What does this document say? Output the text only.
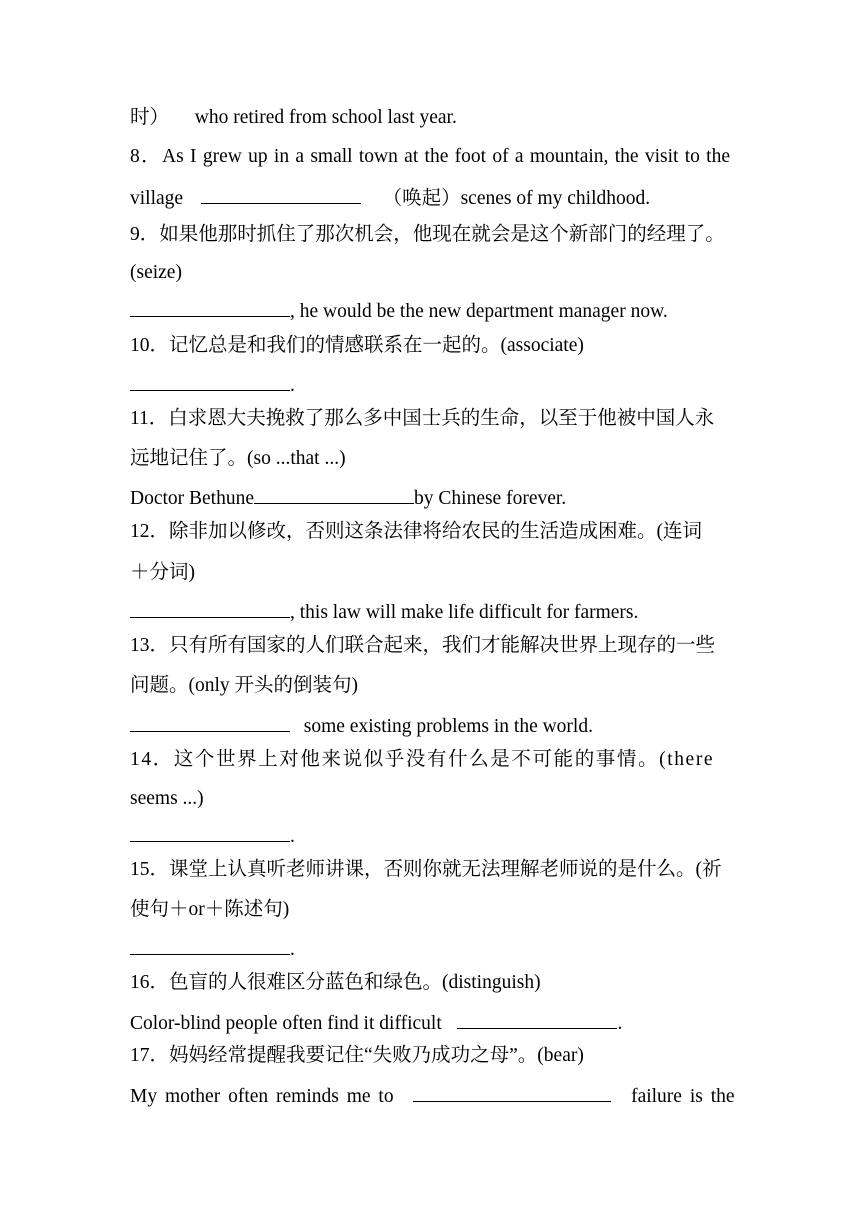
时） who retired from school last year.
8．As I grew up in a small town at the foot of a mountain, the visit to the
village	（唤起）scenes of my childhood.
9．如果他那时抓住了那次机会，他现在就会是这个新部门的经理了。
(seize)
, he would be the new department manager now.
10．记忆总是和我们的情感联系在一起的。(associate)
.
11．白求恩大夫挽救了那么多中国士兵的生命，以至于他被中国人永
远地记住了。(so ...that ...)
Doctor Bethune	by Chinese forever.
12．除非加以修改，否则这条法律将给农民的生活造成困难。(连词
＋分词)
, this law will make life difficult for farmers.
13．只有所有国家的人们联合起来，我们才能解决世界上现存的一些
问题。(only 开头的倒装句)
some existing problems in the world.
14．这个世界上对他来说似乎没有什么是不可能的事情。(there
seems ...)
.
15．课堂上认真听老师讲课，否则你就无法理解老师说的是什么。(祈
使句＋or＋陈述句)
.
16．色盲的人很难区分蓝色和绿色。(distinguish)
Color-blind people often find it difficult	.
17．妈妈经常提醒我要记住“失败乃成功之母”。(bear)
My mother often reminds me to	failure is the
